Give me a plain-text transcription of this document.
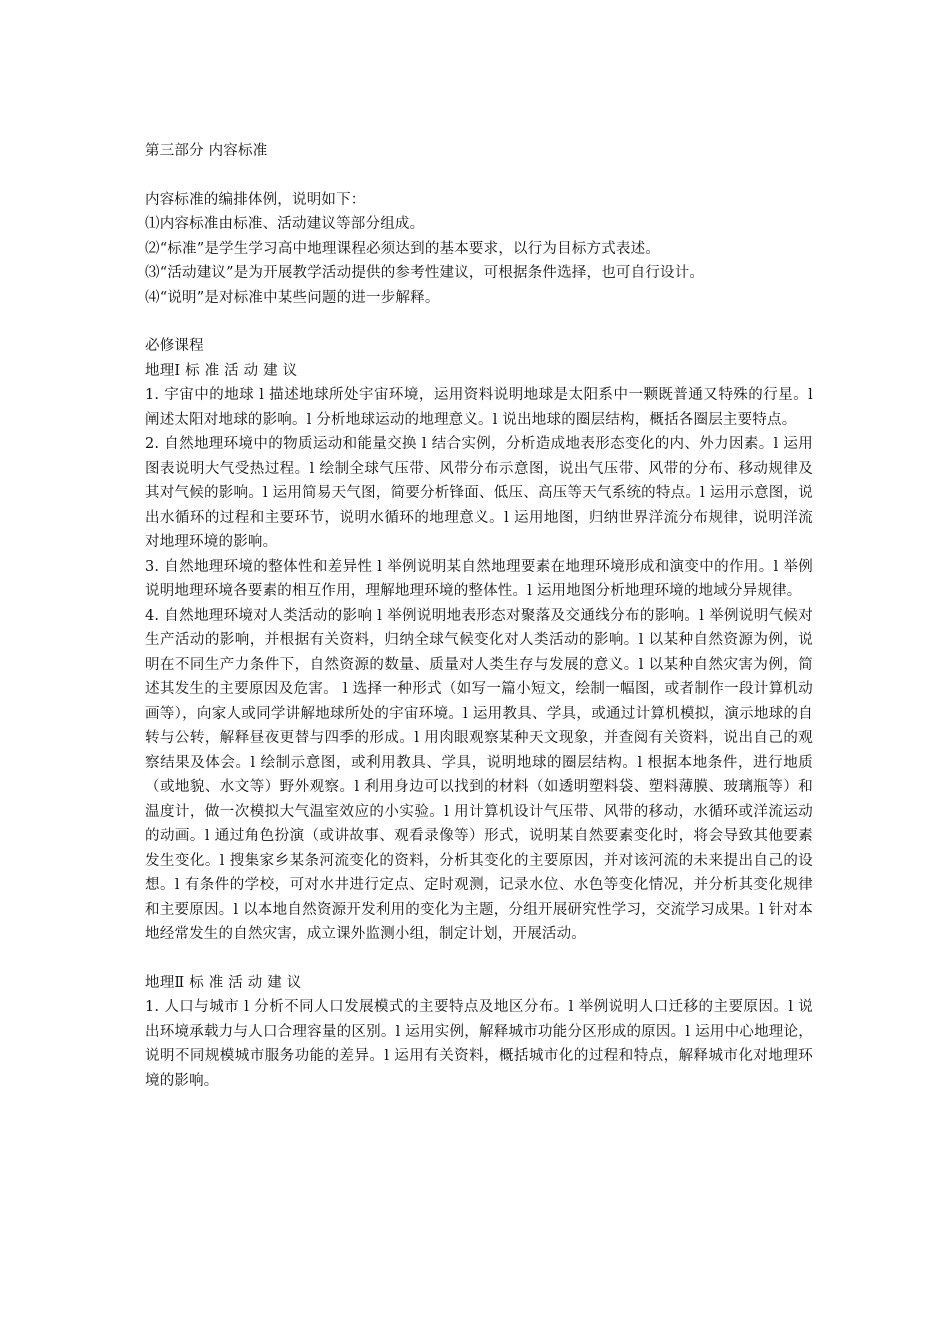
第三部分 内容标准

内容标准的编排体例，说明如下：

⑴内容标准由标准、活动建议等部分组成。

⑵“标准”是学生学习高中地理课程必须达到的基本要求，以行为目标方式表述。

⑶“活动建议”是为开展教学活动提供的参考性建议，可根据条件选择，也可自行设计。

⑷“说明”是对标准中某些问题的进一步解释。

必修课程

地理Ⅰ 标 准 活 动 建 议

1. 宇宙中的地球 l 描述地球所处宇宙环境，运用资料说明地球是太阳系中一颗既普通又特殊的行星。l 阐述太阳对地球的影响。l 分析地球运动的地理意义。l 说出地球的圈层结构，概括各圈层主要特点。

2. 自然地理环境中的物质运动和能量交换 l 结合实例，分析造成地表形态变化的内、外力因素。l 运用图表说明大气受热过程。l 绘制全球气压带、风带分布示意图，说出气压带、风带的分布、移动规律及其对气候的影响。l 运用简易天气图，简要分析锋面、低压、高压等天气系统的特点。l 运用示意图，说出水循环的过程和主要环节，说明水循环的地理意义。l 运用地图，归纳世界洋流分布规律，说明洋流对地理环境的影响。

3. 自然地理环境的整体性和差异性 l 举例说明某自然地理要素在地理环境形成和演变中的作用。l 举例说明地理环境各要素的相互作用，理解地理环境的整体性。l 运用地图分析地理环境的地域分异规律。

4. 自然地理环境对人类活动的影响 l 举例说明地表形态对聚落及交通线分布的影响。l 举例说明气候对生产活动的影响，并根据有关资料，归纳全球气候变化对人类活动的影响。l 以某种自然资源为例，说明在不同生产力条件下，自然资源的数量、质量对人类生存与发展的意义。l 以某种自然灾害为例，简述其发生的主要原因及危害。 l 选择一种形式（如写一篇小短文，绘制一幅图，或者制作一段计算机动画等），向家人或同学讲解地球所处的宇宙环境。l 运用教具、学具，或通过计算机模拟，演示地球的自转与公转，解释昼夜更替与四季的形成。l 用肉眼观察某种天文现象，并查阅有关资料，说出自己的观察结果及体会。l 绘制示意图，或利用教具、学具，说明地球的圈层结构。l 根据本地条件，进行地质（或地貌、水文等）野外观察。l 利用身边可以找到的材料（如透明塑料袋、塑料薄膜、玻璃瓶等）和温度计，做一次模拟大气温室效应的小实验。l 用计算机设计气压带、风带的移动，水循环或洋流运动的动画。l 通过角色扮演（或讲故事、观看录像等）形式，说明某自然要素变化时，将会导致其他要素发生变化。l 搜集家乡某条河流变化的资料，分析其变化的主要原因，并对该河流的未来提出自己的设想。l 有条件的学校，可对水井进行定点、定时观测，记录水位、水色等变化情况，并分析其变化规律和主要原因。l 以本地自然资源开发利用的变化为主题，分组开展研究性学习，交流学习成果。l 针对本地经常发生的自然灾害，成立课外监测小组，制定计划，开展活动。

地理Ⅱ 标 准 活 动 建 议

1. 人口与城市 l 分析不同人口发展模式的主要特点及地区分布。l 举例说明人口迁移的主要原因。l 说出环境承载力与人口合理容量的区别。l 运用实例，解释城市功能分区形成的原因。l 运用中心地理论，说明不同规模城市服务功能的差异。l 运用有关资料，概括城市化的过程和特点，解释城市化对地理环境的影响。
